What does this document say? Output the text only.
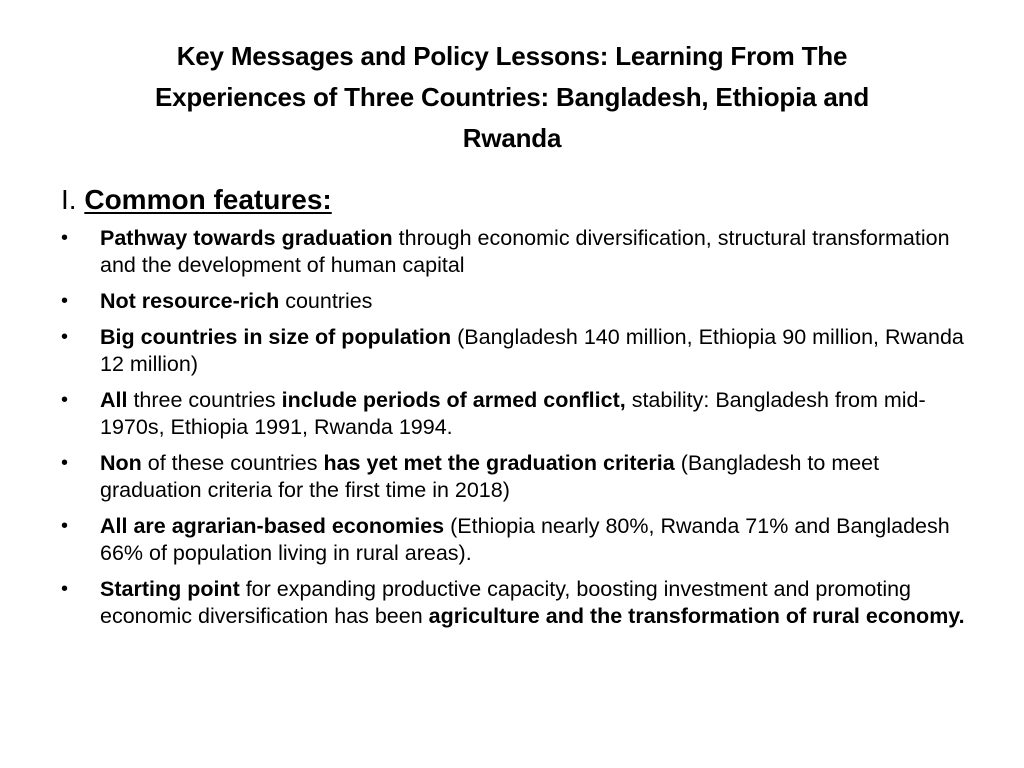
Key Messages and Policy Lessons: Learning From The
Experiences of Three Countries: Bangladesh, Ethiopia and
Rwanda
I. Common features:
•	Pathway towards graduation through economic diversification, structural transformation and the development of human capital
•	Not resource-rich countries
•	Big countries in size of population (Bangladesh 140 million, Ethiopia 90 million, Rwanda 12 million)
•	All three countries include periods of armed conflict, stability: Bangladesh from mid-1970s, Ethiopia 1991, Rwanda 1994.
•	Non of these countries has yet met the graduation criteria (Bangladesh to meet graduation criteria for the first time in 2018)
•	All are agrarian-based economies (Ethiopia nearly 80%, Rwanda 71% and Bangladesh 66% of population living in rural areas).
•	Starting point for expanding productive capacity, boosting investment and promoting economic diversification has been agriculture and the transformation of rural economy.
